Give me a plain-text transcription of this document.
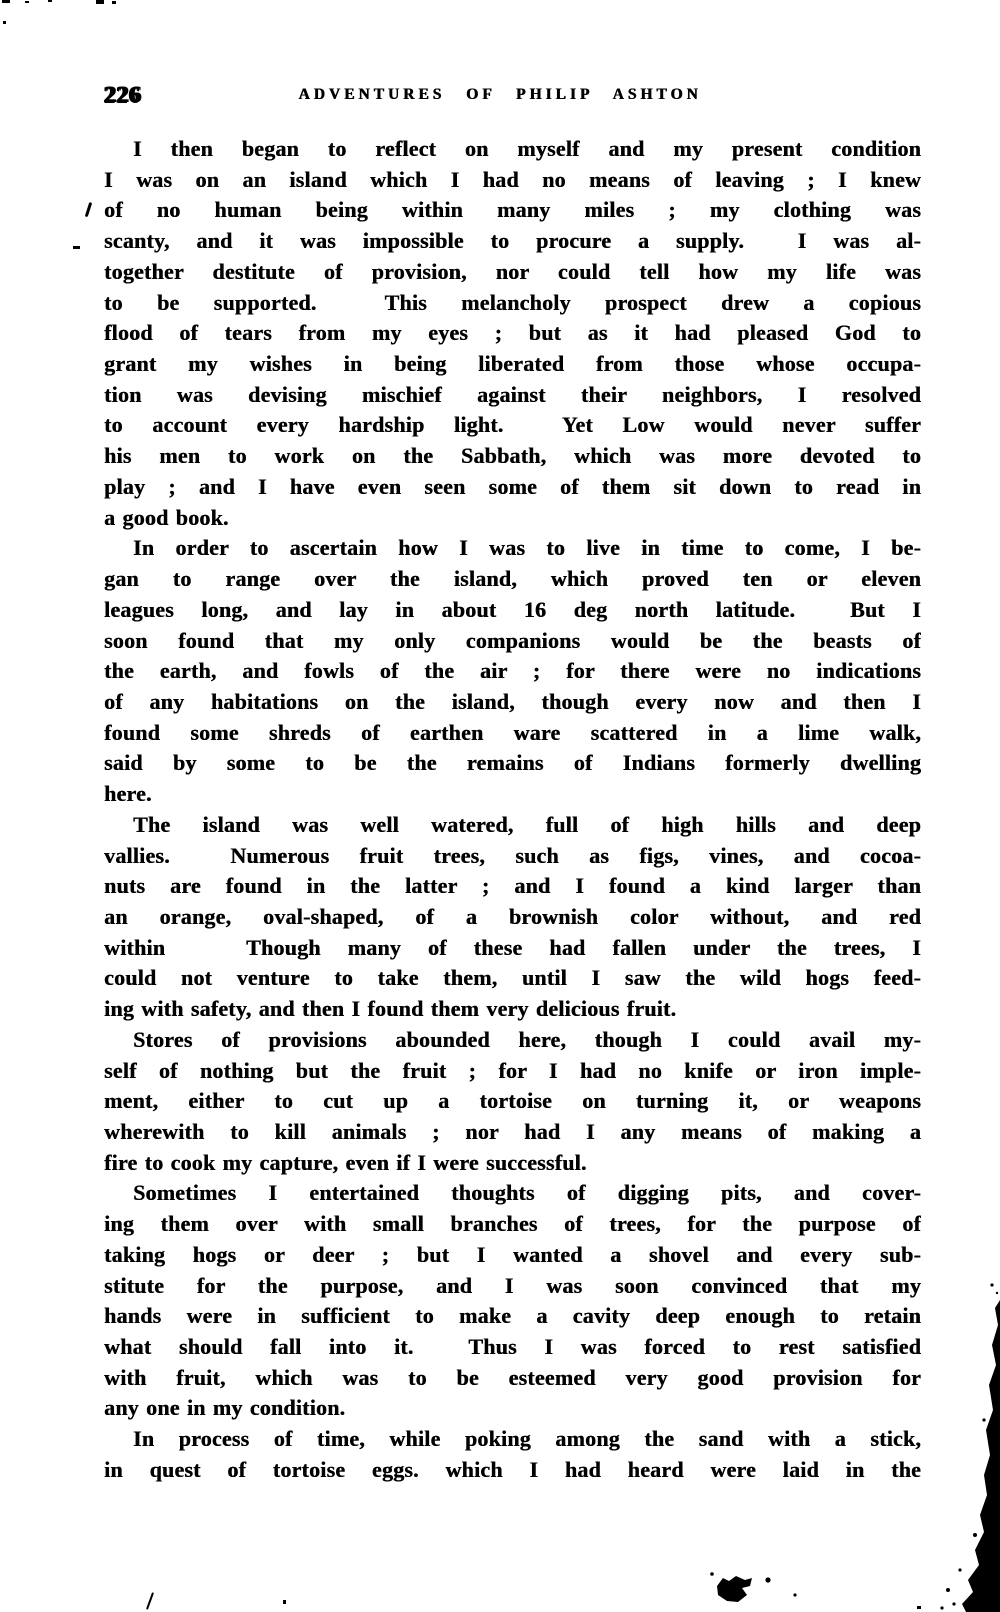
226	ADVENTURES OF PHILIP ASHTON
I then began to reflect on myself and my present condition
I was on an island which I had no means of leaving ; I knew
of no human being within many miles ; my clothing was
scanty, and it was impossible to procure a supply.  I was al-
together destitute of provision, nor could tell how my life was
to be supported.  This melancholy prospect drew a copious
flood of tears from my eyes ; but as it had pleased God to
grant my wishes in being liberated from those whose occupa-
tion was devising mischief against their neighbors, I resolved
to account every hardship light.  Yet Low would never suffer
his men to work on the Sabbath, which was more devoted to
play ; and I have even seen some of them sit down to read in
a good book.
In order to ascertain how I was to live in time to come, I be-
gan to range over the island, which proved ten or eleven
leagues long, and lay in about 16 deg north latitude.  But I
soon found that my only companions would be the beasts of
the earth, and fowls of the air ; for there were no indications
of any habitations on the island, though every now and then I
found some shreds of earthen ware scattered in a lime walk,
said by some to be the remains of Indians formerly dwelling
here.
The island was well watered, full of high hills and deep
vallies.  Numerous fruit trees, such as figs, vines, and cocoa-
nuts are found in the latter ; and I found a kind larger than
an orange, oval-shaped, of a brownish color without, and red
within   Though many of these had fallen under the trees, I
could not venture to take them, until I saw the wild hogs feed-
ing with safety, and then I found them very delicious fruit.
Stores of provisions abounded here, though I could avail my-
self of nothing but the fruit ; for I had no knife or iron imple-
ment, either to cut up a tortoise on turning it, or weapons
wherewith to kill animals ; nor had I any means of making a
fire to cook my capture, even if I were successful.
Sometimes I entertained thoughts of digging pits, and cover-
ing them over with small branches of trees, for the purpose of
taking hogs or deer ; but I wanted a shovel and every sub-
stitute for the purpose, and I was soon convinced that my
hands were in sufficient to make a cavity deep enough to retain
what should fall into it.  Thus I was forced to rest satisfied
with fruit, which was to be esteemed very good provision for
any one in my condition.
In process of time, while poking among the sand with a stick,
in quest of tortoise eggs. which I had heard were laid in the
